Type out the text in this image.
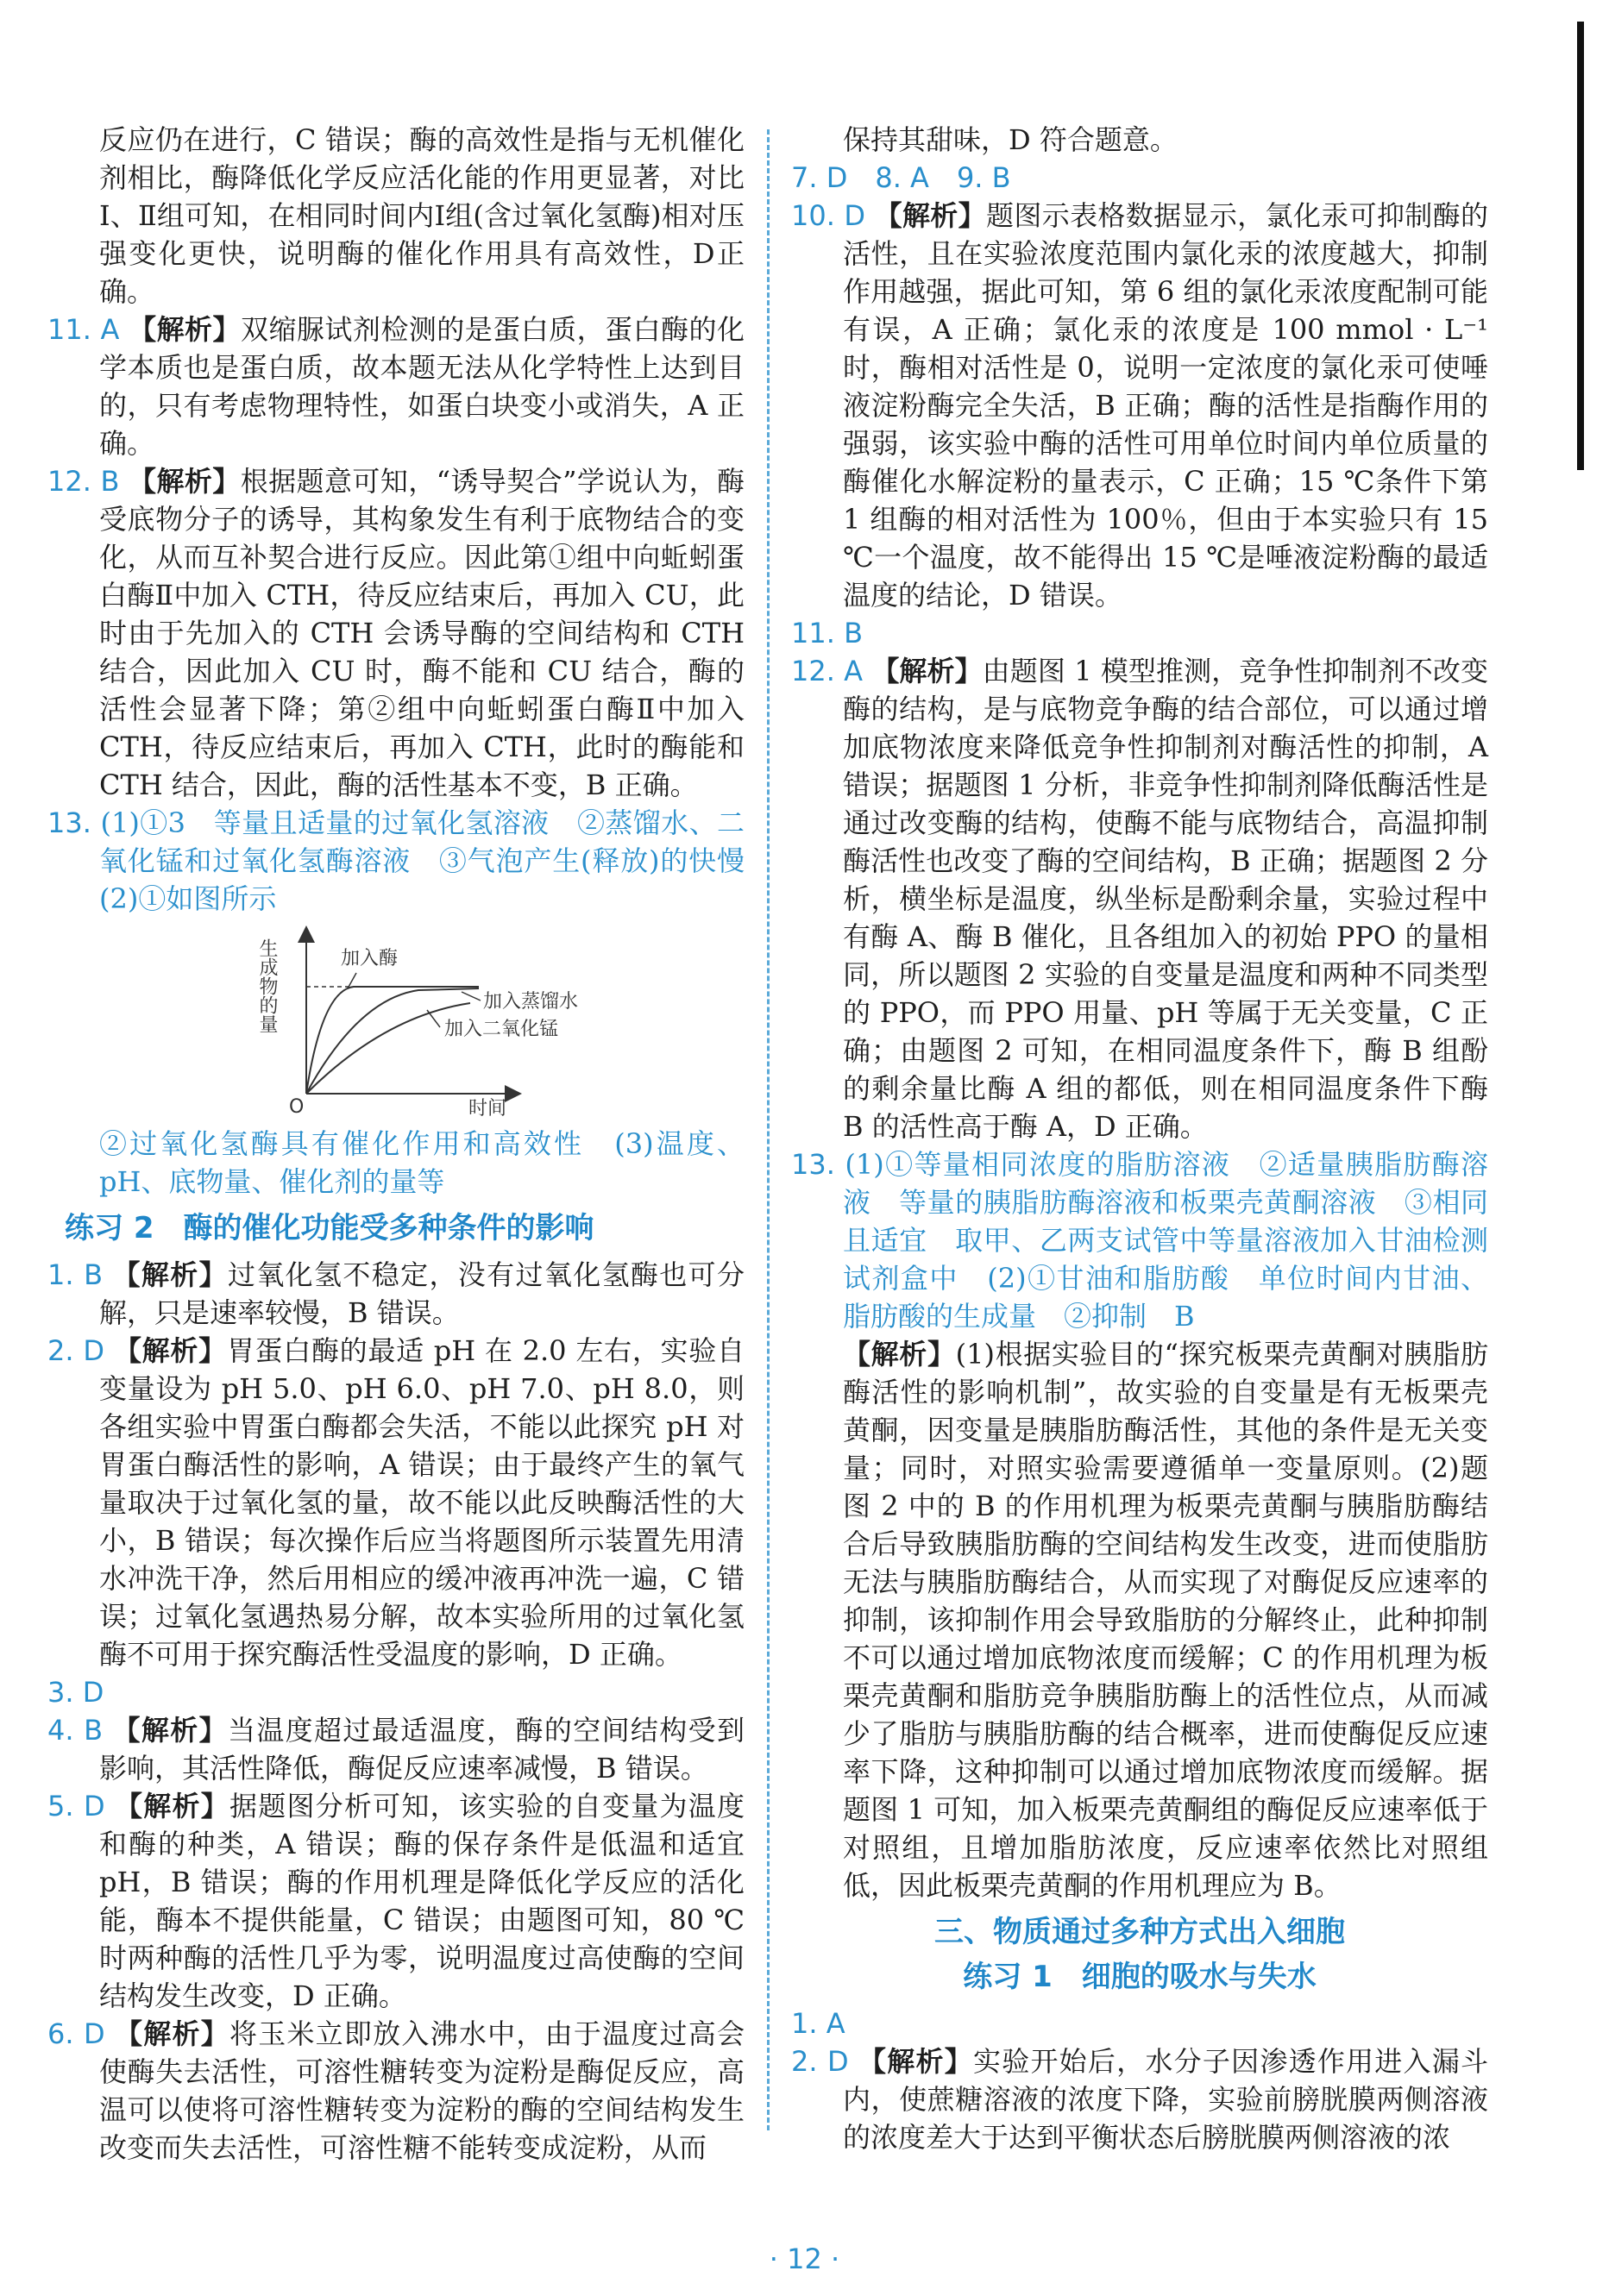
反应仍在进行，C 错误；酶的高效性是指与无机催化剂相比，酶降低化学反应活化能的作用更显著，对比Ⅰ、Ⅱ组可知，在相同时间内Ⅰ组(含过氧化氢酶)相对压强变化更快，说明酶的催化作用具有高效性，D正确。

11. A 【解析】双缩脲试剂检测的是蛋白质，蛋白酶的化学本质也是蛋白质，故本题无法从化学特性上达到目的，只有考虑物理特性，如蛋白块变小或消失，A 正确。

12. B 【解析】根据题意可知，“诱导契合”学说认为，酶受底物分子的诱导，其构象发生有利于底物结合的变化，从而互补契合进行反应。因此第①组中向蚯蚓蛋白酶Ⅱ中加入 CTH，待反应结束后，再加入 CU，此时由于先加入的 CTH 会诱导酶的空间结构和 CTH 结合，因此加入 CU 时，酶不能和 CU 结合，酶的活性会显著下降；第②组中向蚯蚓蛋白酶Ⅱ中加入 CTH，待反应结束后，再加入 CTH，此时的酶能和 CTH 结合，因此，酶的活性基本不变，B 正确。

13. (1)①3　等量且适量的过氧化氢溶液　②蒸馏水、二氧化锰和过氧化氢酶溶液　③气泡产生(释放)的快慢　(2)①如图所示

生成物的量
O	时间
加入酶
加入蒸馏水
加入二氧化锰

②过氧化氢酶具有催化作用和高效性　(3)温度、pH、底物量、催化剂的量等

练习 2　酶的催化功能受多种条件的影响

1. B 【解析】过氧化氢不稳定，没有过氧化氢酶也可分解，只是速率较慢，B 错误。

2. D 【解析】胃蛋白酶的最适 pH 在 2.0 左右，实验自变量设为 pH 5.0、pH 6.0、pH 7.0、pH 8.0，则各组实验中胃蛋白酶都会失活，不能以此探究 pH 对胃蛋白酶活性的影响，A 错误；由于最终产生的氧气量取决于过氧化氢的量，故不能以此反映酶活性的大小，B 错误；每次操作后应当将题图所示装置先用清水冲洗干净，然后用相应的缓冲液再冲洗一遍，C 错误；过氧化氢遇热易分解，故本实验所用的过氧化氢酶不可用于探究酶活性受温度的影响，D 正确。

3. D

4. B 【解析】当温度超过最适温度，酶的空间结构受到影响，其活性降低，酶促反应速率减慢，B 错误。

5. D 【解析】据题图分析可知，该实验的自变量为温度和酶的种类，A 错误；酶的保存条件是低温和适宜 pH，B 错误；酶的作用机理是降低化学反应的活化能，酶本不提供能量，C 错误；由题图可知，80 ℃时两种酶的活性几乎为零，说明温度过高使酶的空间结构发生改变，D 正确。

6. D 【解析】将玉米立即放入沸水中，由于温度过高会使酶失去活性，可溶性糖转变为淀粉是酶促反应，高温可以使将可溶性糖转变为淀粉的酶的空间结构发生改变而失去活性，可溶性糖不能转变成淀粉，从而

保持其甜味，D 符合题意。

7. D　8. A　9. B

10. D 【解析】题图示表格数据显示，氯化汞可抑制酶的活性，且在实验浓度范围内氯化汞的浓度越大，抑制作用越强，据此可知，第 6 组的氯化汞浓度配制可能有误，A 正确；氯化汞的浓度是 100 mmol · L⁻¹ 时，酶相对活性是 0，说明一定浓度的氯化汞可使唾液淀粉酶完全失活，B 正确；酶的活性是指酶作用的强弱，该实验中酶的活性可用单位时间内单位质量的酶催化水解淀粉的量表示，C 正确；15 ℃条件下第 1 组酶的相对活性为 100％，但由于本实验只有 15 ℃一个温度，故不能得出 15 ℃是唾液淀粉酶的最适温度的结论，D 错误。

11. B

12. A 【解析】由题图 1 模型推测，竞争性抑制剂不改变酶的结构，是与底物竞争酶的结合部位，可以通过增加底物浓度来降低竞争性抑制剂对酶活性的抑制，A 错误；据题图 1 分析，非竞争性抑制剂降低酶活性是通过改变酶的结构，使酶不能与底物结合，高温抑制酶活性也改变了酶的空间结构，B 正确；据题图 2 分析，横坐标是温度，纵坐标是酚剩余量，实验过程中有酶 A、酶 B 催化，且各组加入的初始 PPO 的量相同，所以题图 2 实验的自变量是温度和两种不同类型的 PPO，而 PPO 用量、pH 等属于无关变量，C 正确；由题图 2 可知，在相同温度条件下，酶 B 组酚的剩余量比酶 A 组的都低，则在相同温度条件下酶 B 的活性高于酶 A，D 正确。

13. (1)①等量相同浓度的脂肪溶液　②适量胰脂肪酶溶液　等量的胰脂肪酶溶液和板栗壳黄酮溶液　③相同且适宜　取甲、乙两支试管中等量溶液加入甘油检测试剂盒中　(2)①甘油和脂肪酸　单位时间内甘油、脂肪酸的生成量　②抑制　B

【解析】(1)根据实验目的“探究板栗壳黄酮对胰脂肪酶活性的影响机制”，故实验的自变量是有无板栗壳黄酮，因变量是胰脂肪酶活性，其他的条件是无关变量；同时，对照实验需要遵循单一变量原则。(2)题图 2 中的 B 的作用机理为板栗壳黄酮与胰脂肪酶结合后导致胰脂肪酶的空间结构发生改变，进而使脂肪无法与胰脂肪酶结合，从而实现了对酶促反应速率的抑制，该抑制作用会导致脂肪的分解终止，此种抑制不可以通过增加底物浓度而缓解；C 的作用机理为板栗壳黄酮和脂肪竞争胰脂肪酶上的活性位点，从而减少了脂肪与胰脂肪酶的结合概率，进而使酶促反应速率下降，这种抑制可以通过增加底物浓度而缓解。据题图 1 可知，加入板栗壳黄酮组的酶促反应速率低于对照组，且增加脂肪浓度，反应速率依然比对照组低，因此板栗壳黄酮的作用机理应为 B。

三、物质通过多种方式出入细胞
练习 1　细胞的吸水与失水

1. A

2. D 【解析】实验开始后，水分子因渗透作用进入漏斗内，使蔗糖溶液的浓度下降，实验前膀胱膜两侧溶液的浓度差大于达到平衡状态后膀胱膜两侧溶液的浓

· 12 ·
